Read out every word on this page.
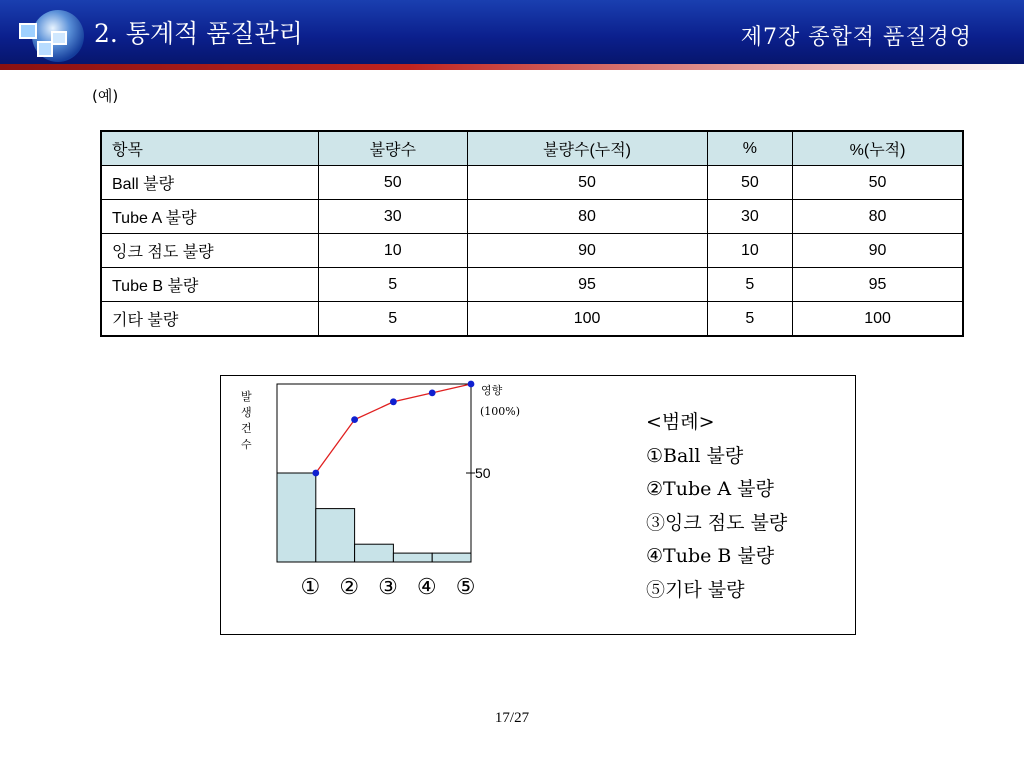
2. 통계적 품질관리	제7장 종합적 품질경영
(예)
항목	불량수	불량수(누적)	%	%(누적)
Ball 불량	50	50	50	50
Tube A 불량	30	80	30	80
잉크 점도 불량	10	90	10	90
Tube B 불량	5	95	5	95
기타 불량	5	100	5	100
50
영향
(100%)
발
생
건
수
① ② ③ ④ ⑤
<범례>
①Ball 불량
②Tube A 불량
③잉크 점도 불량
④Tube B 불량
⑤기타 불량
17/27
